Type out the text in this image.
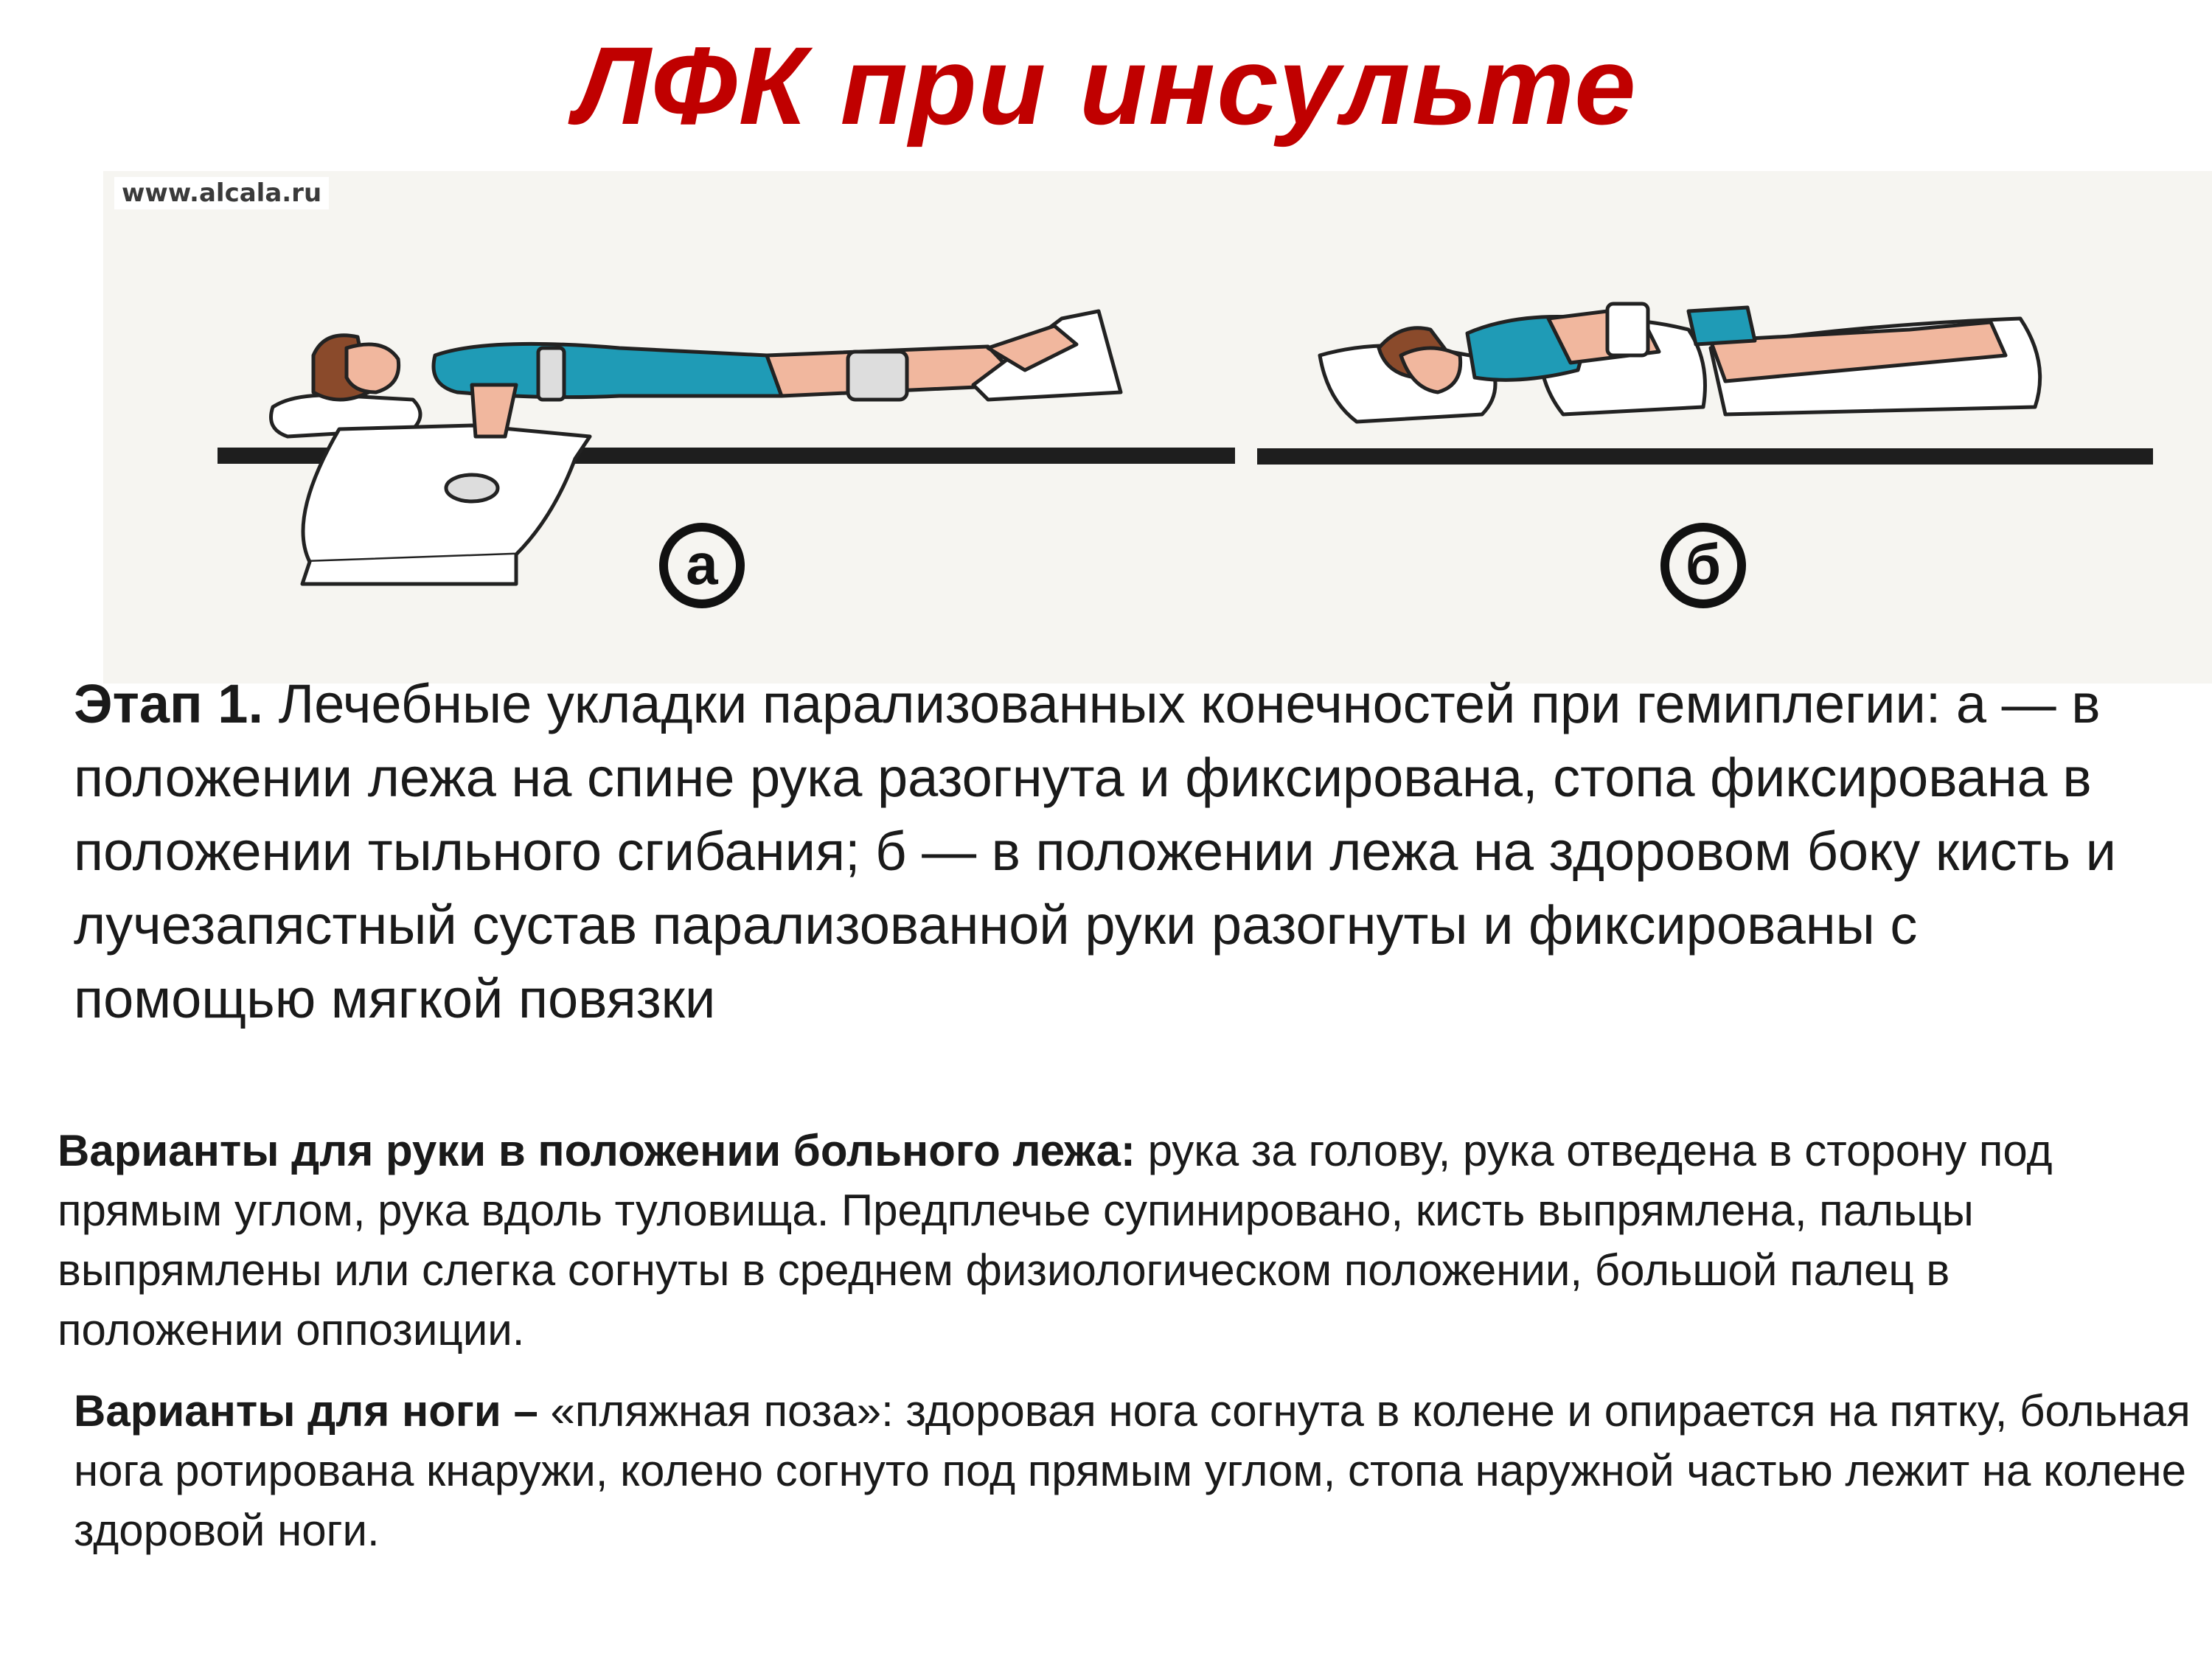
ЛФК при инсульте
www.alcala.ru
а	б
Этап 1. Лечебные укладки парализованных конечностей при гемиплегии: а — в положении лежа на спине рука разогнута и фиксирована, стопа фиксирована в положении тыльного сгибания; б — в положении лежа на здоровом боку кисть и лучезапястный сустав парализованной руки разогнуты и фиксированы с помощью мягкой повязки
Варианты для руки в положении больного лежа: рука за голову, рука отведена в сторону под прямым углом, рука вдоль туловища. Предплечье супинировано, кисть выпрямлена, пальцы выпрямлены или слегка согнуты в среднем физиологическом положении, большой палец в положении оппозиции.
Варианты для ноги – «пляжная поза»: здоровая нога согнута в колене и опирается на пятку, больная нога ротирована кнаружи, колено согнуто под прямым углом, стопа наружной частью лежит на колене здоровой ноги.
